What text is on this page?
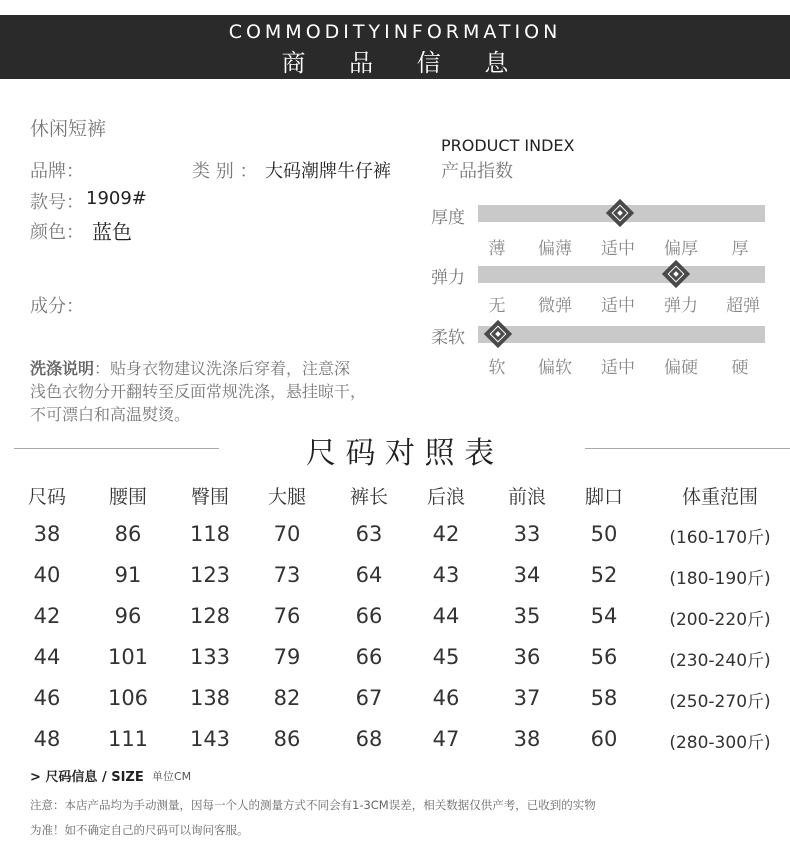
COMMODITYINFORMATION
商 品 信 息
休闲短裤
品牌：	类 别 ： 大码潮牌牛仔裤
款号： 1909#
颜色： 蓝色
成分：
洗涤说明：贴身衣物建议洗涤后穿着，注意深
浅色衣物分开翻转至反面常规洗涤，悬挂晾干，
不可漂白和高温熨烫。
PRODUCT INDEX
产品指数
厚度
薄	偏薄	适中	偏厚	厚
弹力
无	微弹	适中	弹力	超弹
柔软
软	偏软	适中	偏硬	硬
尺 码 对 照 表
尺码	腰围	臀围	大腿	裤长	后浪	前浪	脚口	体重范围
38	86	118	70	63	42	33	50	(160-170斤)
40	91	123	73	64	43	34	52	(180-190斤)
42	96	128	76	66	44	35	54	(200-220斤)
44	101	133	79	66	45	36	56	(230-240斤)
46	106	138	82	67	46	37	58	(250-270斤)
48	111	143	86	68	47	38	60	(280-300斤)
> 尺码信息 / SIZE 单位CM
注意：本店产品均为手动测量，因每一个人的测量方式不同会有1-3CM误差，相关数据仅供产考，已收到的实物
为准！如不确定自己的尺码可以询问客服。
